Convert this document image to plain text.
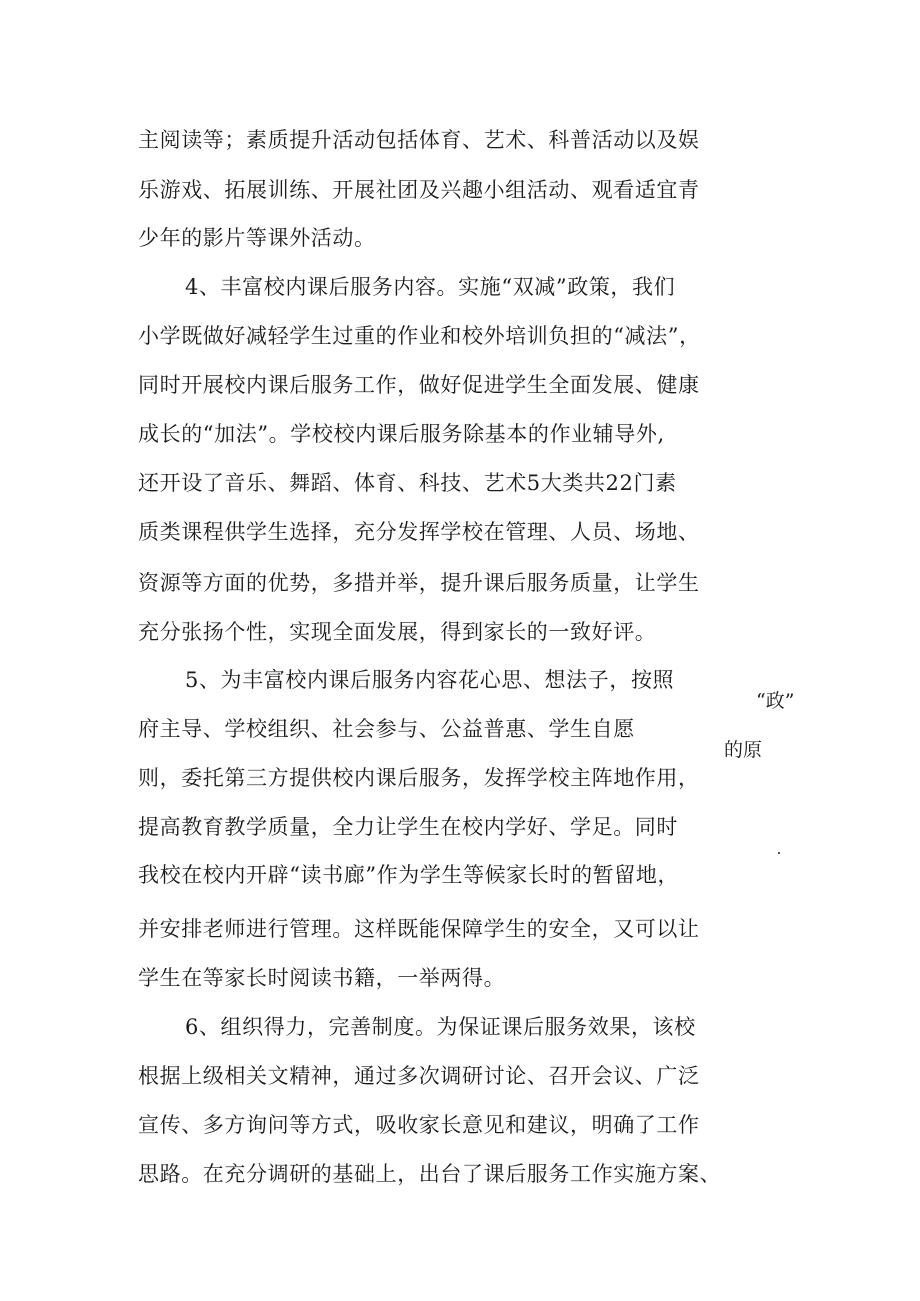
主阅读等；素质提升活动包括体育、艺术、科普活动以及娱
乐游戏、拓展训练、开展社团及兴趣小组活动、观看适宜青
少年的影片等课外活动。
4、丰富校内课后服务内容。实施“双减”政策，我们
小学既做好减轻学生过重的作业和校外培训负担的“减法”，
同时开展校内课后服务工作，做好促进学生全面发展、健康
成长的“加法”。学校校内课后服务除基本的作业辅导外,
还开设了音乐、舞蹈、体育、科技、艺术5大类共22门素
质类课程供学生选择，充分发挥学校在管理、人员、场地、
资源等方面的优势，多措并举，提升课后服务质量，让学生
充分张扬个性，实现全面发展，得到家长的一致好评。
5、为丰富校内课后服务内容花心思、想法子，按照
府主导、学校组织、社会参与、公益普惠、学生自愿
则，委托第三方提供校内课后服务，发挥学校主阵地作用，
提高教育教学质量，全力让学生在校内学好、学足。同时
我校在校内开辟“读书廊”作为学生等候家长时的暂留地，
并安排老师进行管理。这样既能保障学生的安全，又可以让
学生在等家长时阅读书籍，一举两得。
6、组织得力，完善制度。为保证课后服务效果，该校
根据上级相关文精神，通过多次调研讨论、召开会议、广泛
宣传、多方询问等方式，吸收家长意见和建议，明确了工作
思路。在充分调研的基础上，出台了课后服务工作实施方案、
“政”
的原
